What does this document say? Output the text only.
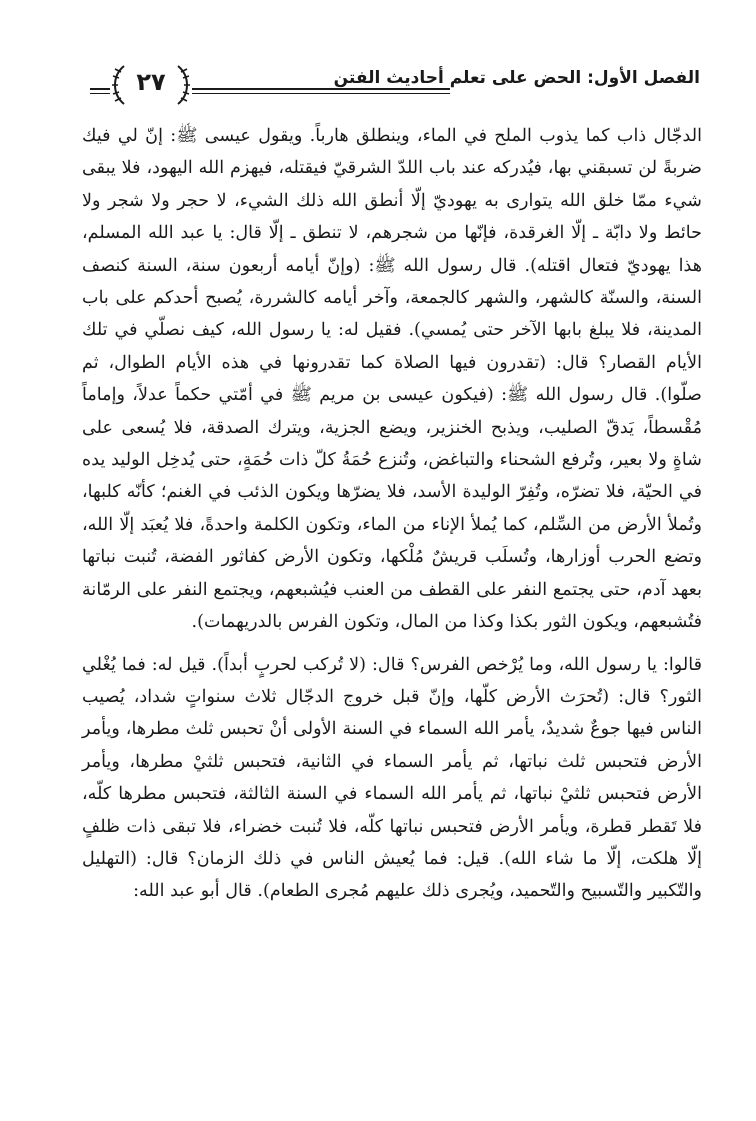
الفصل الأول: الحض على تعلم أحاديث الفتن
٢٧

الدجّال ذاب كما يذوب الملح في الماء، وينطلق هارباً. ويقول عيسى ﷺ: إنّ لي فيك ضربةً لن تسبقني بها، فيُدركه عند باب اللدّ الشرقيّ فيقتله، فيهزم الله اليهود، فلا يبقى شيء ممّا خلق الله يتوارى به يهوديّ إلّا أنطق الله ذلك الشيء، لا حجر ولا شجر ولا حائط ولا دابّة ـ إلّا الغرقدة، فإنّها من شجرهم، لا تنطق ـ إلّا قال: يا عبد الله المسلم، هذا يهوديّ فتعال اقتله). قال رسول الله ﷺ: (وإنّ أيامه أربعون سنة، السنة كنصف السنة، والسنّة كالشهر، والشهر كالجمعة، وآخر أيامه كالشررة، يُصبح أحدكم على باب المدينة، فلا يبلغ بابها الآخر حتى يُمسي). فقيل له: يا رسول الله، كيف نصلّي في تلك الأيام القصار؟ قال: (تقدرون فيها الصلاة كما تقدرونها في هذه الأيام الطوال، ثم صلّوا). قال رسول الله ﷺ: (فيكون عيسى بن مريم ﷺ في أمّتي حكماً عدلاً، وإماماً مُقْسطاً، يَدقّ الصليب، ويذبح الخنزير، ويضع الجزية، ويترك الصدقة، فلا يُسعى على شاةٍ ولا بعير، وتُرفع الشحناء والتباغض، وتُنزع حُمَةُ كلّ ذات حُمَةٍ، حتى يُدخِل الوليد يده في الحيّة، فلا تضرّه، وتُفِرّ الوليدة الأسد، فلا يضرّها ويكون الذئب في الغنم؛ كأنّه كلبها، وتُملأ الأرض من السِّلم، كما يُملأ الإناء من الماء، وتكون الكلمة واحدةً، فلا يُعبَد إلّا الله، وتضع الحرب أوزارها، وتُسلَب قريشٌ مُلْكها، وتكون الأرض كفاثور الفضة، تُنبت نباتها بعهد آدم، حتى يجتمع النفر على القطف من العنب فيُشبعهم، ويجتمع النفر على الرمّانة فتُشبعهم، ويكون الثور بكذا وكذا من المال، وتكون الفرس بالدريهمات).

قالوا: يا رسول الله، وما يُرْخص الفرس؟ قال: (لا تُركب لحربٍ أبداً). قيل له: فما يُغْلي الثور؟ قال: (تُحرَث الأرض كلّها، وإنّ قبل خروج الدجّال ثلاث سنواتٍ شداد، يُصيب الناس فيها جوعٌ شديدٌ، يأمر الله السماء في السنة الأولى أنْ تحبس ثلث مطرها، ويأمر الأرض فتحبس ثلث نباتها، ثم يأمر السماء في الثانية، فتحبس ثلثيْ مطرها، ويأمر الأرض فتحبس ثلثيْ نباتها، ثم يأمر الله السماء في السنة الثالثة، فتحبس مطرها كلّه، فلا تَقطر قطرة، ويأمر الأرض فتحبس نباتها كلّه، فلا تُنبت خضراء، فلا تبقى ذات ظلفٍ إلّا هلكت، إلّا ما شاء الله). قيل: فما يُعيش الناس في ذلك الزمان؟ قال: (التهليل والتّكبير والتّسبيح والتّحميد، ويُجرى ذلك عليهم مُجرى الطعام). قال أبو عبد الله:
